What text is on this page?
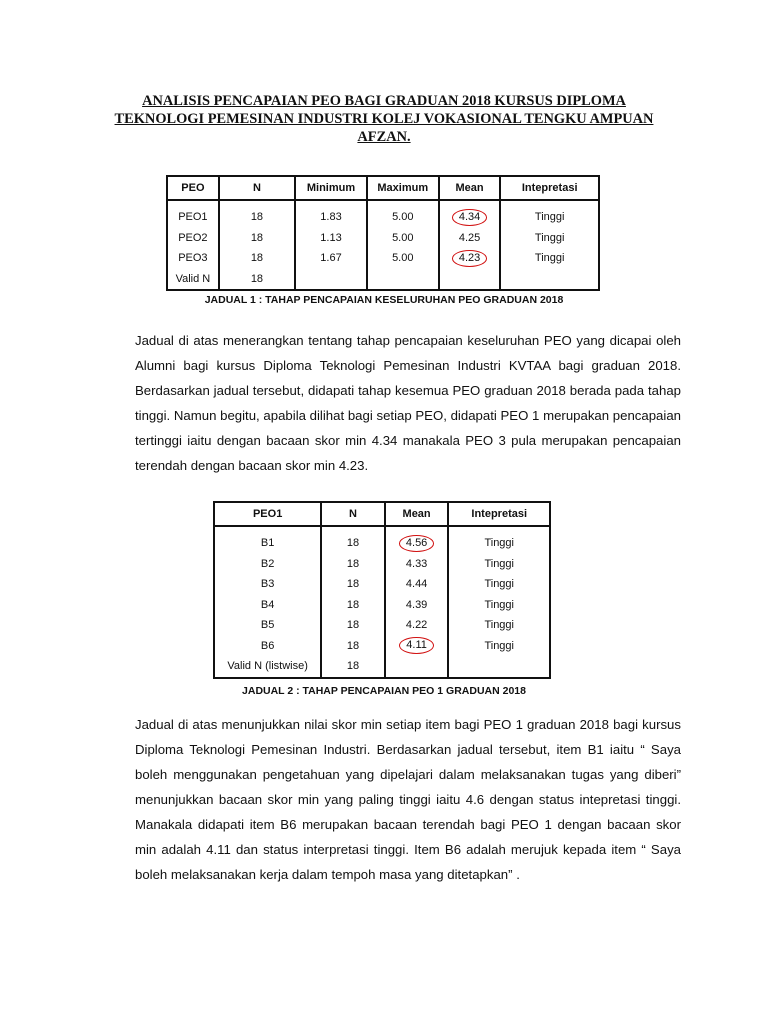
ANALISIS PENCAPAIAN PEO BAGI GRADUAN 2018 KURSUS DIPLOMA
TEKNOLOGI PEMESINAN INDUSTRI KOLEJ VOKASIONAL TENGKU AMPUAN
AFZAN.
PEO	N	Minimum	Maximum	Mean	Intepretasi
PEO1	18	1.83	5.00	4.34	Tinggi
PEO2	18	1.13	5.00	4.25	Tinggi
PEO3	18	1.67	5.00	4.23	Tinggi
Valid N	18				
JADUAL 1 : TAHAP PENCAPAIAN KESELURUHAN PEO GRADUAN 2018
Jadual di atas menerangkan tentang tahap pencapaian keseluruhan PEO yang dicapai oleh Alumni bagi kursus Diploma Teknologi Pemesinan Industri KVTAA bagi graduan 2018. Berdasarkan jadual tersebut, didapati tahap kesemua PEO graduan 2018 berada pada tahap tinggi. Namun begitu, apabila dilihat bagi setiap PEO, didapati PEO 1 merupakan pencapaian tertinggi iaitu dengan bacaan skor min 4.34 manakala PEO 3 pula merupakan pencapaian terendah dengan bacaan skor min 4.23.
PEO1	N	Mean	Intepretasi
B1	18	4.56	Tinggi
B2	18	4.33	Tinggi
B3	18	4.44	Tinggi
B4	18	4.39	Tinggi
B5	18	4.22	Tinggi
B6	18	4.11	Tinggi
Valid N (listwise)	18		
JADUAL 2 : TAHAP PENCAPAIAN PEO 1 GRADUAN 2018
Jadual di atas menunjukkan nilai skor min setiap item bagi PEO 1 graduan 2018 bagi kursus Diploma Teknologi Pemesinan Industri. Berdasarkan jadual tersebut, item B1 iaitu “ Saya boleh menggunakan pengetahuan yang dipelajari dalam melaksanakan tugas yang diberi” menunjukkan bacaan skor min yang paling tinggi iaitu 4.6 dengan status intepretasi tinggi. Manakala didapati item B6 merupakan bacaan terendah bagi PEO 1 dengan bacaan skor min adalah 4.11 dan status interpretasi tinggi. Item B6 adalah merujuk kepada item “ Saya boleh melaksanakan kerja dalam tempoh masa yang ditetapkan” .
